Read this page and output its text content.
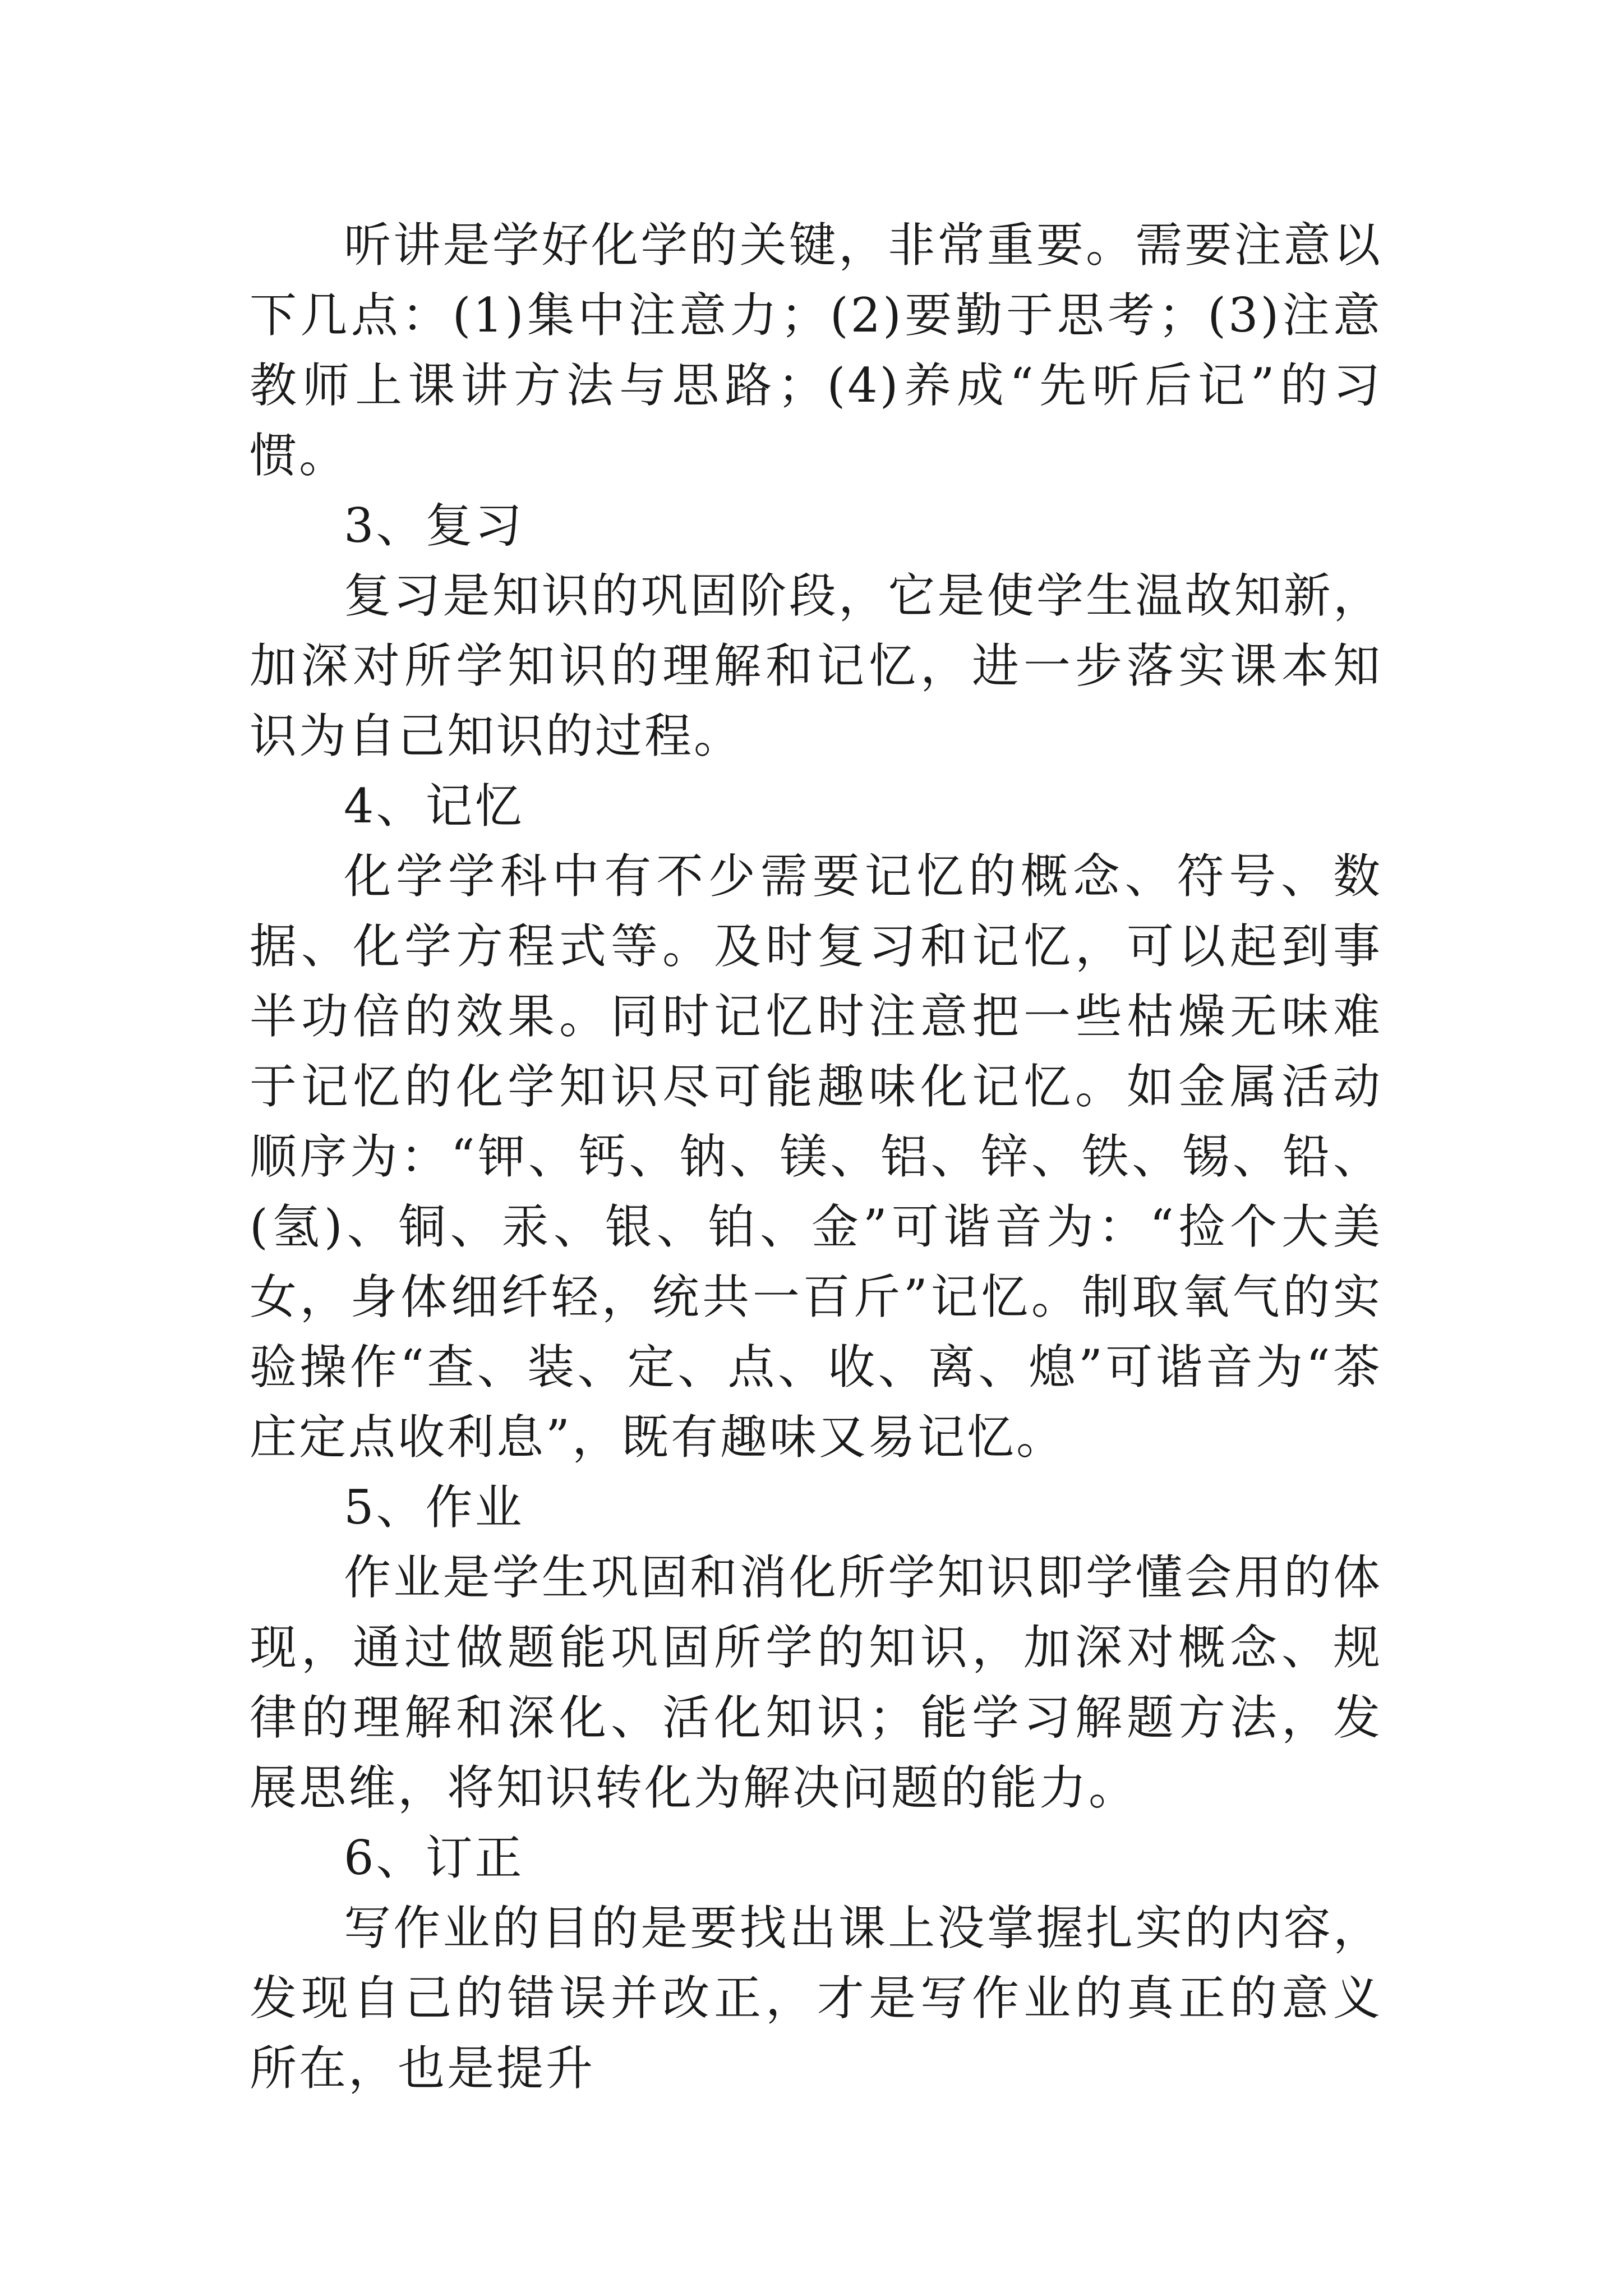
听讲是学好化学的关键，非常重要。需要注意以下几点：(1)集中注意力；(2)要勤于思考；(3)注意教师上课讲方法与思路；(4)养成“先听后记”的习惯。

3、复习

复习是知识的巩固阶段，它是使学生温故知新，加深对所学知识的理解和记忆，进一步落实课本知识为自己知识的过程。

4、记忆

化学学科中有不少需要记忆的概念、符号、数据、化学方程式等。及时复习和记忆，可以起到事半功倍的效果。同时记忆时注意把一些枯燥无味难于记忆的化学知识尽可能趣味化记忆。如金属活动顺序为：“钾、钙、钠、镁、铝、锌、铁、锡、铅、(氢)、铜、汞、银、铂、金”可谐音为：“捡个大美女，身体细纤轻，统共一百斤”记忆。制取氧气的实验操作“查、装、定、点、收、离、熄”可谐音为“茶庄定点收利息”，既有趣味又易记忆。

5、作业

作业是学生巩固和消化所学知识即学懂会用的体现，通过做题能巩固所学的知识，加深对概念、规律的理解和深化、活化知识；能学习解题方法，发展思维，将知识转化为解决问题的能力。

6、订正

写作业的目的是要找出课上没掌握扎实的内容，发现自己的错误并改正，才是写作业的真正的意义所在，也是提升
